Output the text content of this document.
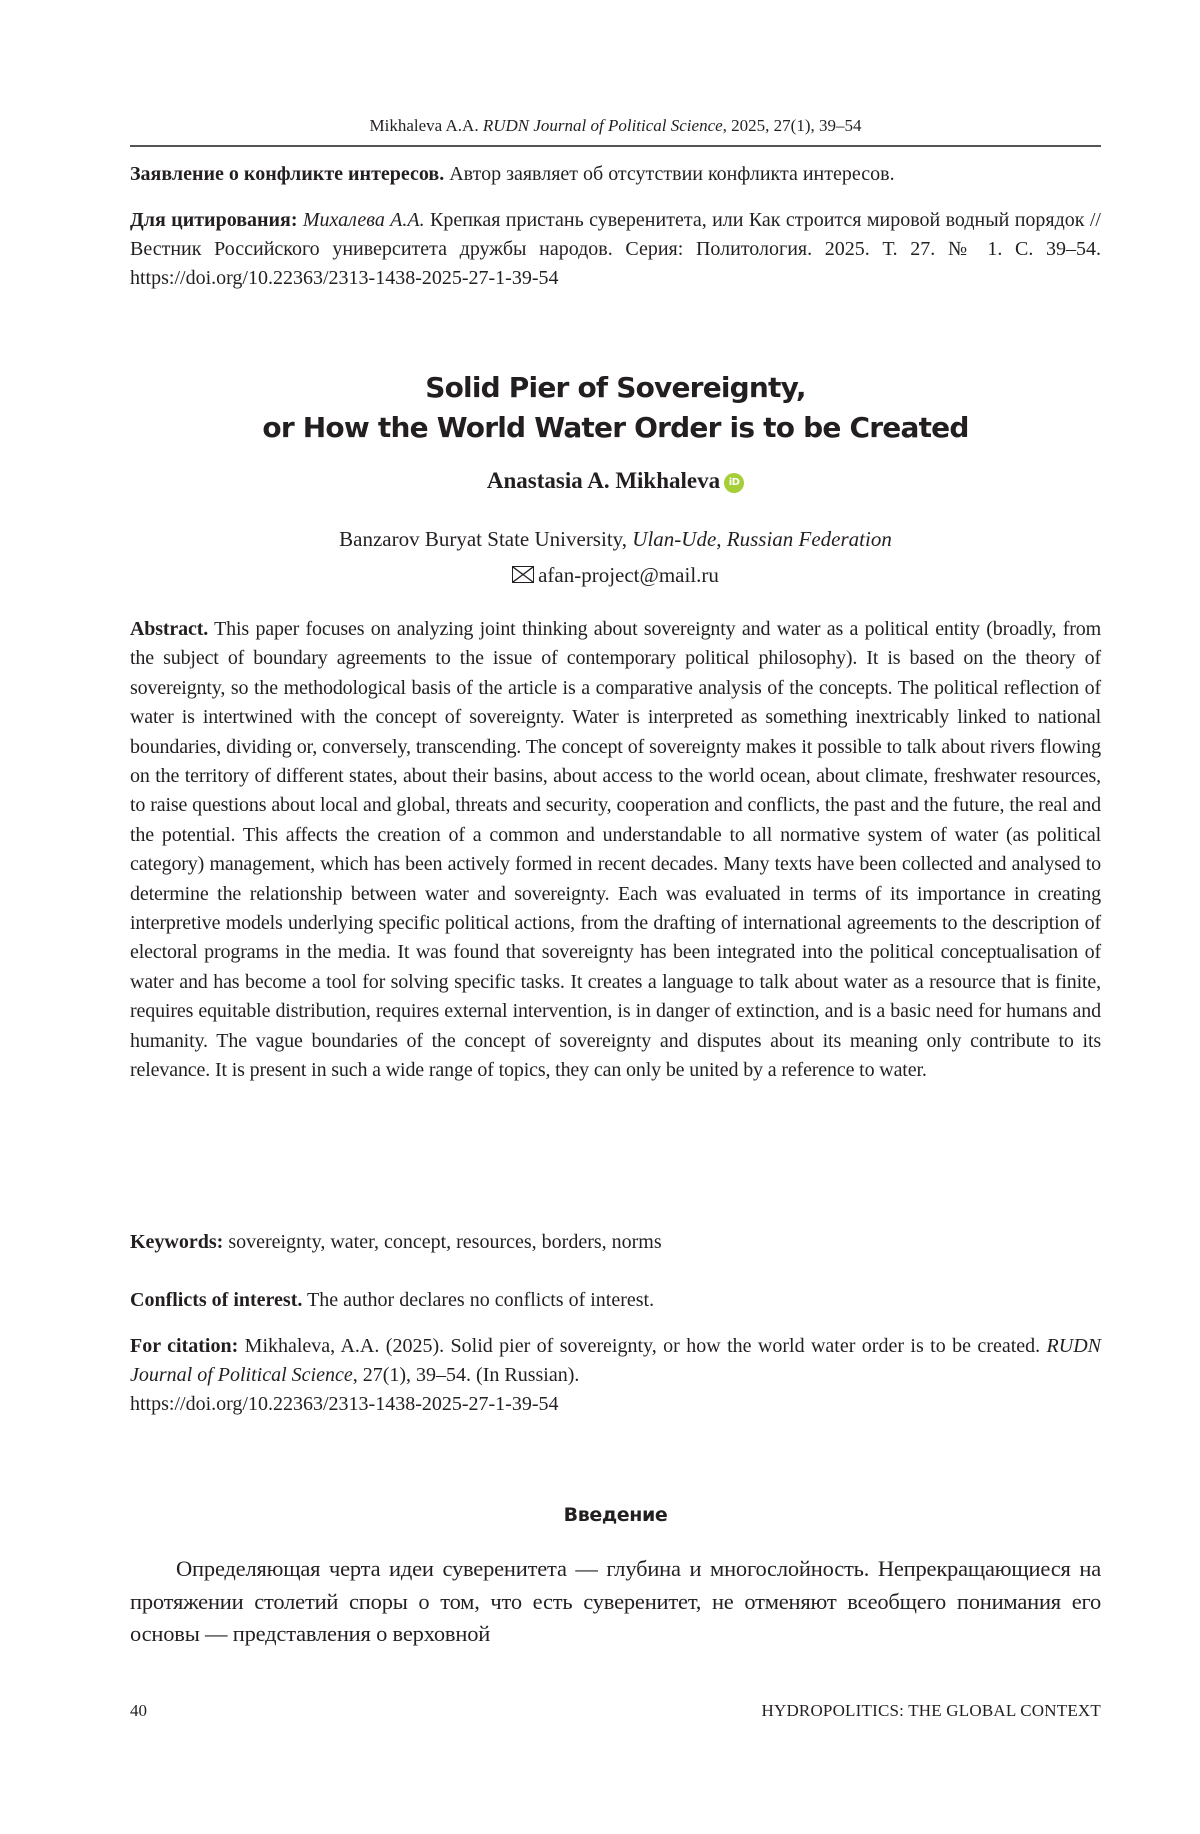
Mikhaleva A.A. RUDN Journal of Political Science, 2025, 27(1), 39–54
Заявление о конфликте интересов. Автор заявляет об отсутствии конфликта интересов.
Для цитирования: Михалева А.А. Крепкая пристань суверенитета, или Как строится мировой водный порядок // Вестник Российского университета дружбы народов. Серия: Политология. 2025. Т. 27. № 1. С. 39–54. https://doi.org/10.22363/2313-1438-2025-27-1-39-54
Solid Pier of Sovereignty,
or How the World Water Order is to be Created
Anastasia A. Mikhaleva iD
Banzarov Buryat State University, Ulan-Ude, Russian Federation
afan-project@mail.ru
Abstract. This paper focuses on analyzing joint thinking about sovereignty and water as a political entity (broadly, from the subject of boundary agreements to the issue of contemporary political philosophy). It is based on the theory of sovereignty, so the methodological basis of the article is a comparative analysis of the concepts. The political reflection of water is intertwined with the concept of sovereignty. Water is interpreted as something inextricably linked to national boundaries, dividing or, conversely, transcending. The concept of sovereignty makes it possible to talk about rivers flowing on the territory of different states, about their basins, about access to the world ocean, about climate, freshwater resources, to raise questions about local and global, threats and security, cooperation and conflicts, the past and the future, the real and the potential. This affects the creation of a common and understandable to all normative system of water (as political category) management, which has been actively formed in recent decades. Many texts have been collected and analysed to determine the relationship between water and sovereignty. Each was evaluated in terms of its importance in creating interpretive models underlying specific political actions, from the drafting of international agreements to the description of electoral programs in the media. It was found that sovereignty has been integrated into the political conceptualisation of water and has become a tool for solving specific tasks. It creates a language to talk about water as a resource that is finite, requires equitable distribution, requires external intervention, is in danger of extinction, and is a basic need for humans and humanity. The vague boundaries of the concept of sovereignty and disputes about its meaning only contribute to its relevance. It is present in such a wide range of topics, they can only be united by a reference to water.
Keywords: sovereignty, water, concept, resources, borders, norms
Conflicts of interest. The author declares no conflicts of interest.
For citation: Mikhaleva, A.A. (2025). Solid pier of sovereignty, or how the world water order is to be created. RUDN Journal of Political Science, 27(1), 39–54. (In Russian).
https://doi.org/10.22363/2313-1438-2025-27-1-39-54
Введение

Определяющая черта идеи суверенитета — глубина и многослойность. Непрекращающиеся на протяжении столетий споры о том, что есть суверенитет, не отменяют всеобщего понимания его основы — представления о верховной

40	HYDROPOLITICS: THE GLOBAL CONTEXT
